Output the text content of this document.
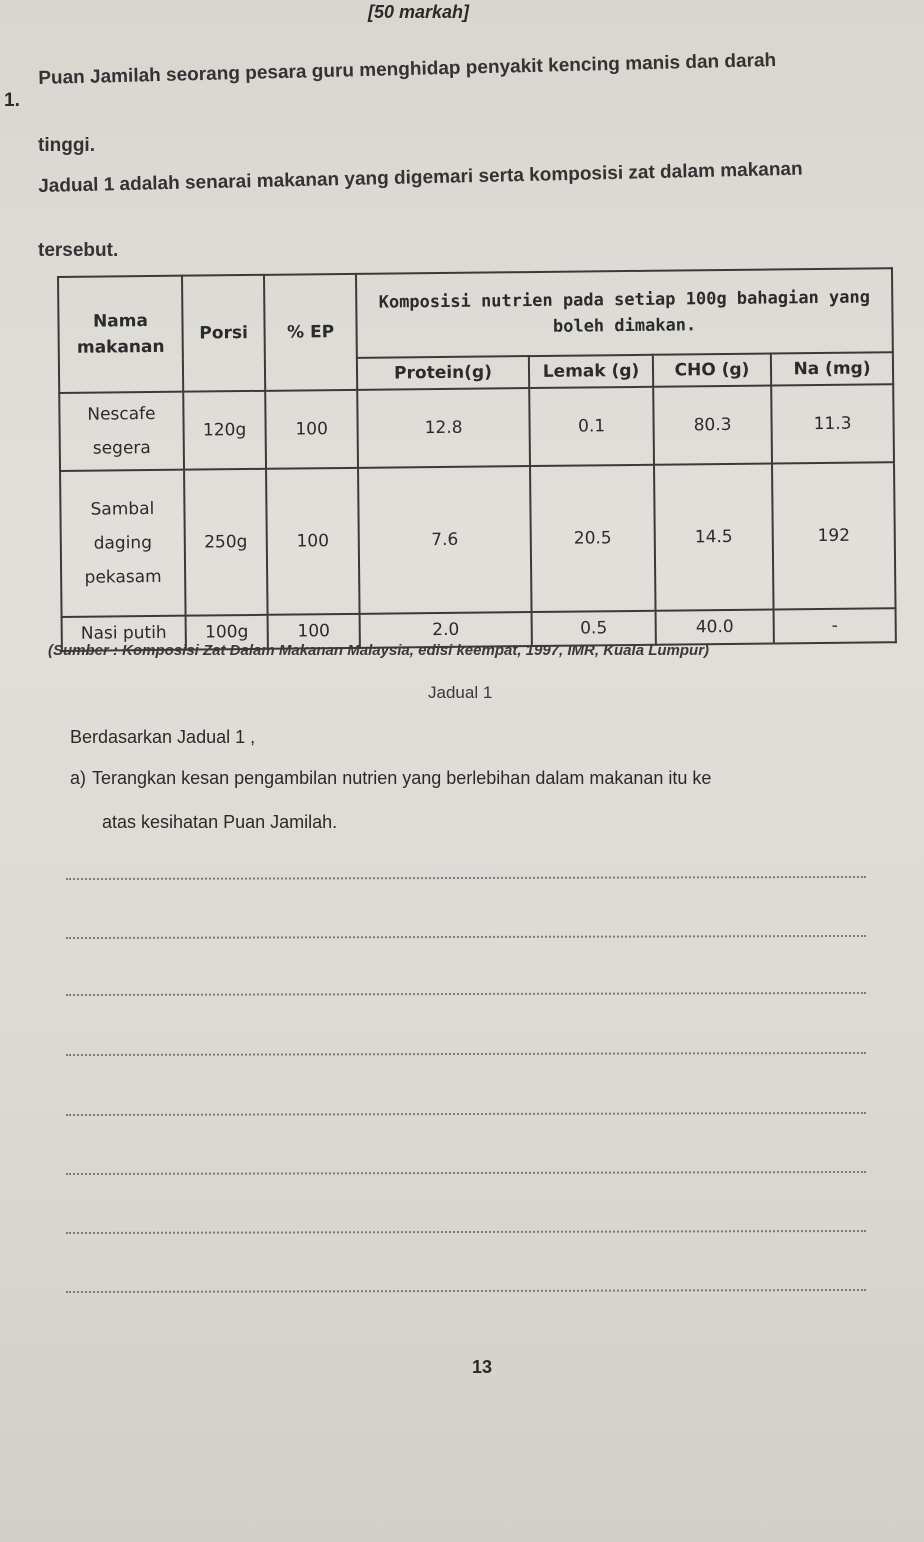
[50 markah]
1.
Puan Jamilah seorang pesara guru menghidap penyakit kencing manis dan darah
tinggi.
Jadual 1 adalah senarai makanan yang digemari serta komposisi zat dalam makanan
tersebut.
Nama makanan	Porsi	% EP	Komposisi nutrien pada setiap 100g bahagian yang boleh dimakan.			
			Protein(g)	Lemak (g)	CHO (g)	Na (mg)
Nescafe segera	120g	100	12.8	0.1	80.3	11.3
Sambal daging pekasam	250g	100	7.6	20.5	14.5	192
Nasi putih	100g	100	2.0	0.5	40.0	-
(Sumber : Komposisi Zat Dalam Makanan Malaysia, edisi keempat, 1997, IMR, Kuala Lumpur)
Jadual 1
Berdasarkan Jadual 1 ,
a) Terangkan kesan pengambilan nutrien yang berlebihan dalam makanan itu ke
atas kesihatan Puan Jamilah.
13
